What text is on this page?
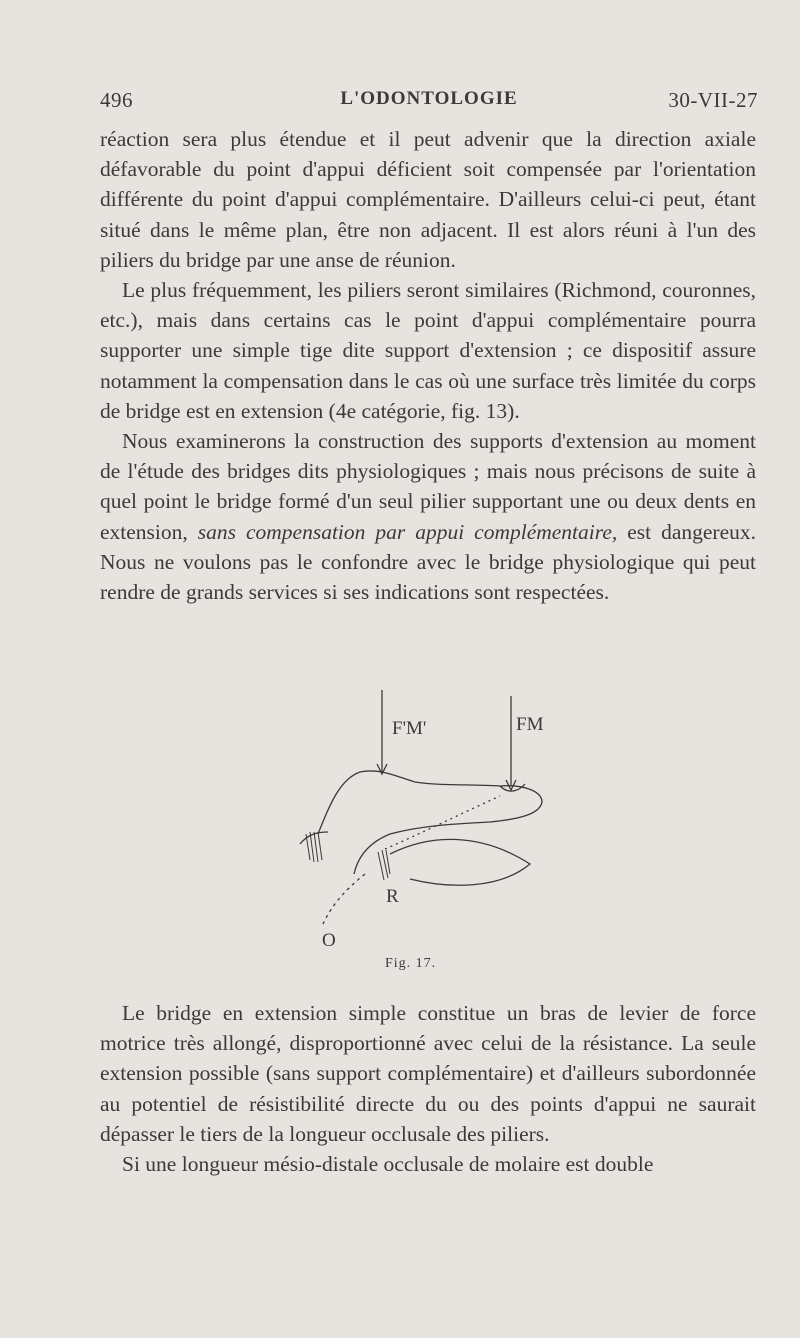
496	L'ODONTOLOGIE	30-VII-27

réaction sera plus étendue et il peut advenir que la direction axiale défavorable du point d'appui déficient soit compensée par l'orientation différente du point d'appui complémentaire. D'ailleurs celui-ci peut, étant situé dans le même plan, être non adjacent. Il est alors réuni à l'un des piliers du bridge par une anse de réunion.

Le plus fréquemment, les piliers seront similaires (Richmond, couronnes, etc.), mais dans certains cas le point d'appui complémentaire pourra supporter une simple tige dite support d'extension ; ce dispositif assure notamment la compensation dans le cas où une surface très limitée du corps de bridge est en extension (4e catégorie, fig. 13).

Nous examinerons la construction des supports d'extension au moment de l'étude des bridges dits physiologiques ; mais nous précisons de suite à quel point le bridge formé d'un seul pilier supportant une ou deux dents en extension, sans compensation par appui complémentaire, est dangereux. Nous ne voulons pas le confondre avec le bridge physiologique qui peut rendre de grands services si ses indications sont respectées.

F'M'	FM
R
O
Fig. 17.

Le bridge en extension simple constitue un bras de levier de force motrice très allongé, disproportionné avec celui de la résistance. La seule extension possible (sans support complémentaire) et d'ailleurs subordonnée au potentiel de résistibilité directe du ou des points d'appui ne saurait dépasser le tiers de la longueur occlusale des piliers.

Si une longueur mésio-distale occlusale de molaire est double
